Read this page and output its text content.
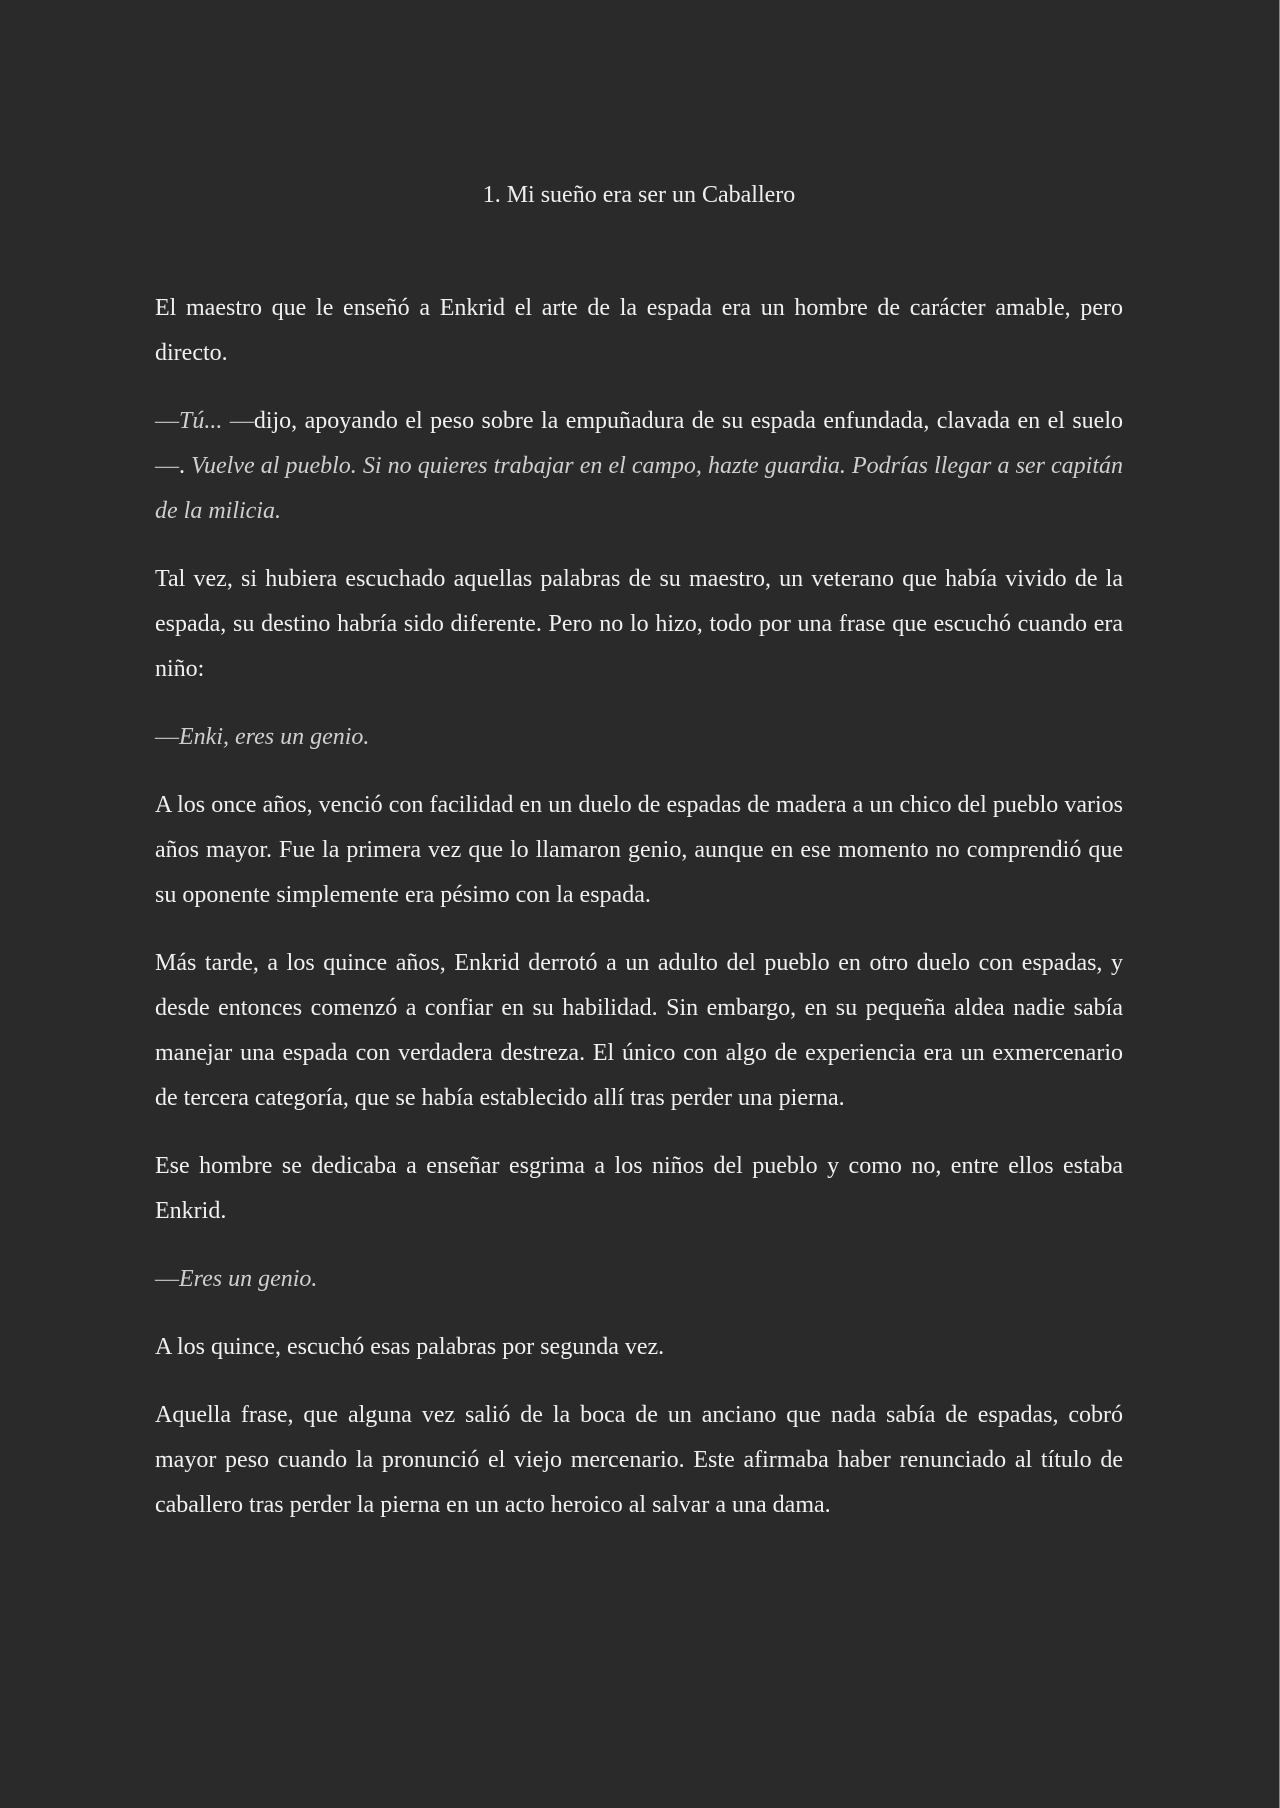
1. Mi sueño era ser un Caballero

El maestro que le enseñó a Enkrid el arte de la espada era un hombre de carácter amable, pero directo.

—Tú... —dijo, apoyando el peso sobre la empuñadura de su espada enfundada, clavada en el suelo—. Vuelve al pueblo. Si no quieres trabajar en el campo, hazte guardia. Podrías llegar a ser capitán de la milicia.

Tal vez, si hubiera escuchado aquellas palabras de su maestro, un veterano que había vivido de la espada, su destino habría sido diferente. Pero no lo hizo, todo por una frase que escuchó cuando era niño:

—Enki, eres un genio.

A los once años, venció con facilidad en un duelo de espadas de madera a un chico del pueblo varios años mayor. Fue la primera vez que lo llamaron genio, aunque en ese momento no comprendió que su oponente simplemente era pésimo con la espada.

Más tarde, a los quince años, Enkrid derrotó a un adulto del pueblo en otro duelo con espadas, y desde entonces comenzó a confiar en su habilidad. Sin embargo, en su pequeña aldea nadie sabía manejar una espada con verdadera destreza. El único con algo de experiencia era un exmercenario de tercera categoría, que se había establecido allí tras perder una pierna.

Ese hombre se dedicaba a enseñar esgrima a los niños del pueblo y como no, entre ellos estaba Enkrid.

—Eres un genio.

A los quince, escuchó esas palabras por segunda vez.

Aquella frase, que alguna vez salió de la boca de un anciano que nada sabía de espadas, cobró mayor peso cuando la pronunció el viejo mercenario. Este afirmaba haber renunciado al título de caballero tras perder la pierna en un acto heroico al salvar a una dama.
